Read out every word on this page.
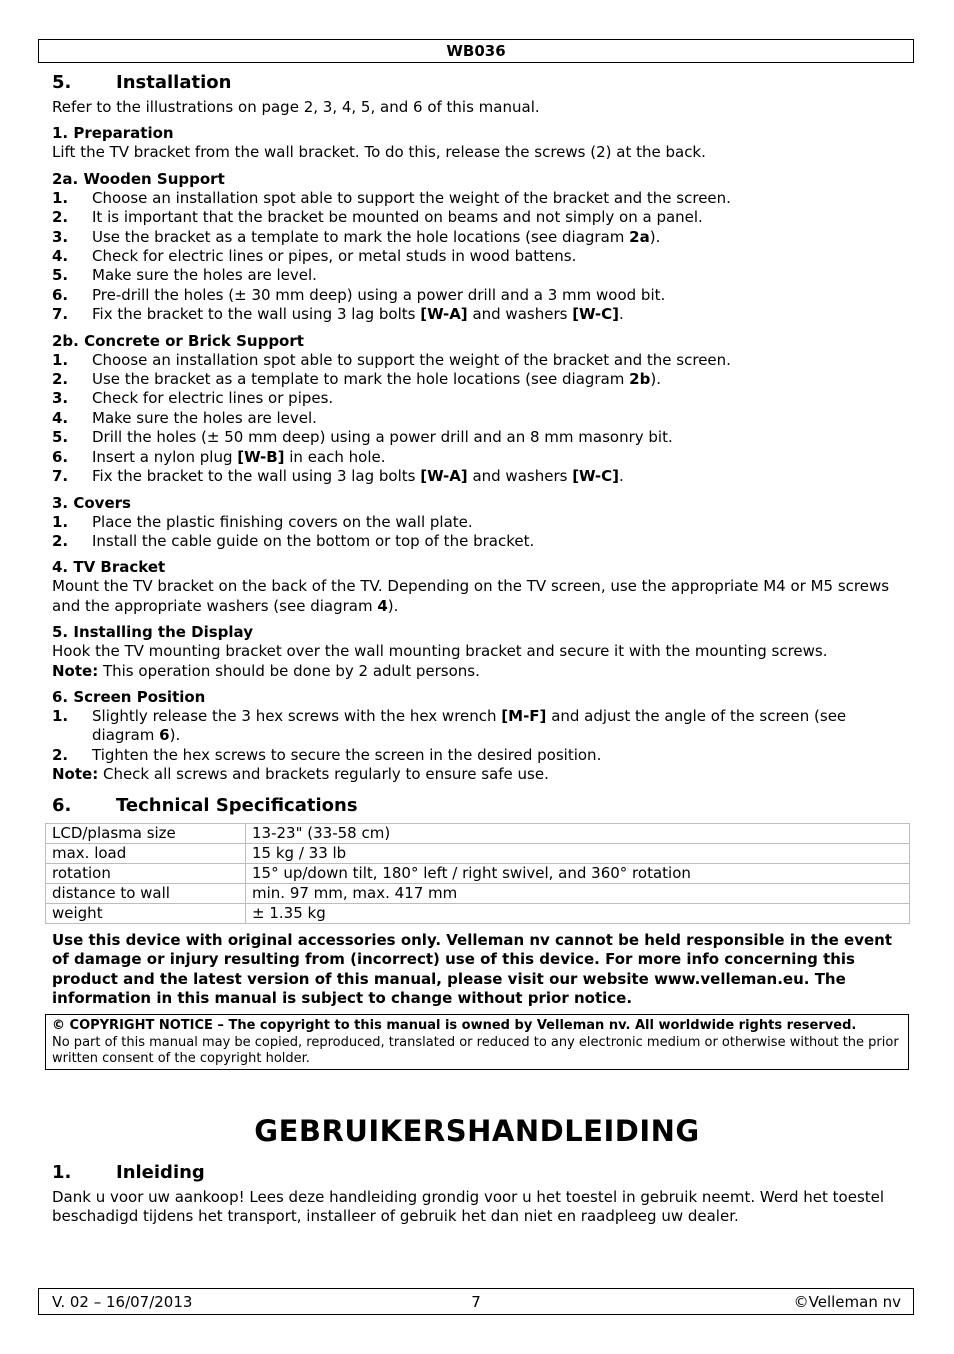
WB036
5. Installation
Refer to the illustrations on page 2, 3, 4, 5, and 6 of this manual.
1. Preparation
Lift the TV bracket from the wall bracket. To do this, release the screws (2) at the back.
2a. Wooden Support
1.	Choose an installation spot able to support the weight of the bracket and the screen.
2.	It is important that the bracket be mounted on beams and not simply on a panel.
3.	Use the bracket as a template to mark the hole locations (see diagram 2a).
4.	Check for electric lines or pipes, or metal studs in wood battens.
5.	Make sure the holes are level.
6.	Pre-drill the holes (± 30 mm deep) using a power drill and a 3 mm wood bit.
7.	Fix the bracket to the wall using 3 lag bolts [W-A] and washers [W-C].
2b. Concrete or Brick Support
1.	Choose an installation spot able to support the weight of the bracket and the screen.
2.	Use the bracket as a template to mark the hole locations (see diagram 2b).
3.	Check for electric lines or pipes.
4.	Make sure the holes are level.
5.	Drill the holes (± 50 mm deep) using a power drill and an 8 mm masonry bit.
6.	Insert a nylon plug [W-B] in each hole.
7.	Fix the bracket to the wall using 3 lag bolts [W-A] and washers [W-C].
3. Covers
1.	Place the plastic finishing covers on the wall plate.
2.	Install the cable guide on the bottom or top of the bracket.
4. TV Bracket
Mount the TV bracket on the back of the TV. Depending on the TV screen, use the appropriate M4 or M5 screws and the appropriate washers (see diagram 4).
5. Installing the Display
Hook the TV mounting bracket over the wall mounting bracket and secure it with the mounting screws.
Note: This operation should be done by 2 adult persons.
6. Screen Position
1.	Slightly release the 3 hex screws with the hex wrench [M-F] and adjust the angle of the screen (see diagram 6).
2.	Tighten the hex screws to secure the screen in the desired position.
Note: Check all screws and brackets regularly to ensure safe use.
6. Technical Specifications
LCD/plasma size	13-23" (33-58 cm)
max. load	15 kg / 33 lb
rotation	15° up/down tilt, 180° left / right swivel, and 360° rotation
distance to wall	min. 97 mm, max. 417 mm
weight	± 1.35 kg
Use this device with original accessories only. Velleman nv cannot be held responsible in the event of damage or injury resulting from (incorrect) use of this device. For more info concerning this product and the latest version of this manual, please visit our website www.velleman.eu. The information in this manual is subject to change without prior notice.
© COPYRIGHT NOTICE – The copyright to this manual is owned by Velleman nv. All worldwide rights reserved.
No part of this manual may be copied, reproduced, translated or reduced to any electronic medium or otherwise without the prior written consent of the copyright holder.
GEBRUIKERSHANDLEIDING
1. Inleiding
Dank u voor uw aankoop! Lees deze handleiding grondig voor u het toestel in gebruik neemt. Werd het toestel beschadigd tijdens het transport, installeer of gebruik het dan niet en raadpleeg uw dealer.
V. 02 – 16/07/2013	7	©Velleman nv
